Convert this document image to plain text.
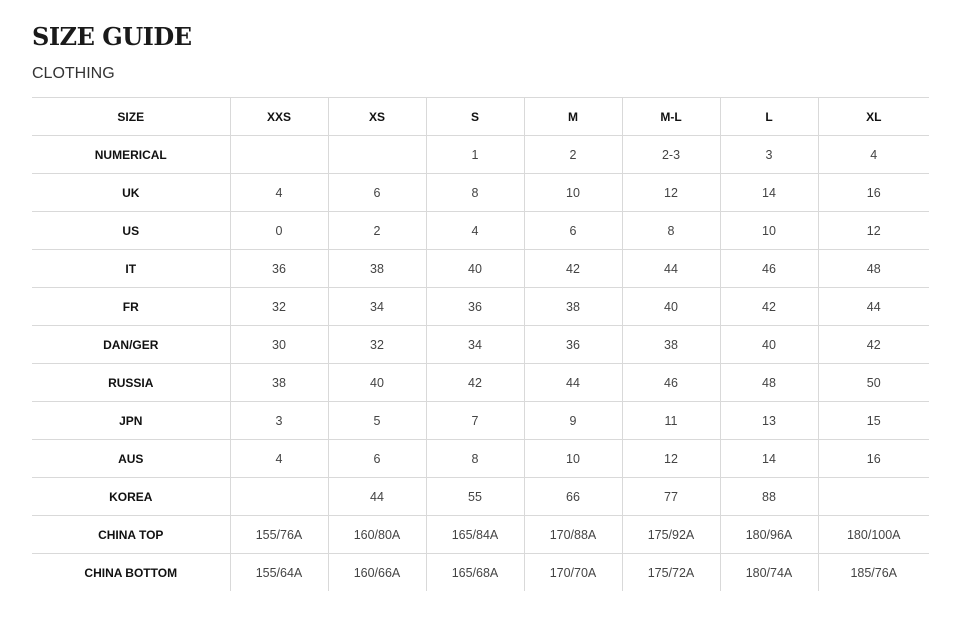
SIZE GUIDE
CLOTHING
SIZE	XXS	XS	S	M	M-L	L	XL
NUMERICAL			1	2	2-3	3	4
UK	4	6	8	10	12	14	16
US	0	2	4	6	8	10	12
IT	36	38	40	42	44	46	48
FR	32	34	36	38	40	42	44
DAN/GER	30	32	34	36	38	40	42
RUSSIA	38	40	42	44	46	48	50
JPN	3	5	7	9	11	13	15
AUS	4	6	8	10	12	14	16
KOREA		44	55	66	77	88	
CHINA TOP	155/76A	160/80A	165/84A	170/88A	175/92A	180/96A	180/100A
CHINA BOTTOM	155/64A	160/66A	165/68A	170/70A	175/72A	180/74A	185/76A
